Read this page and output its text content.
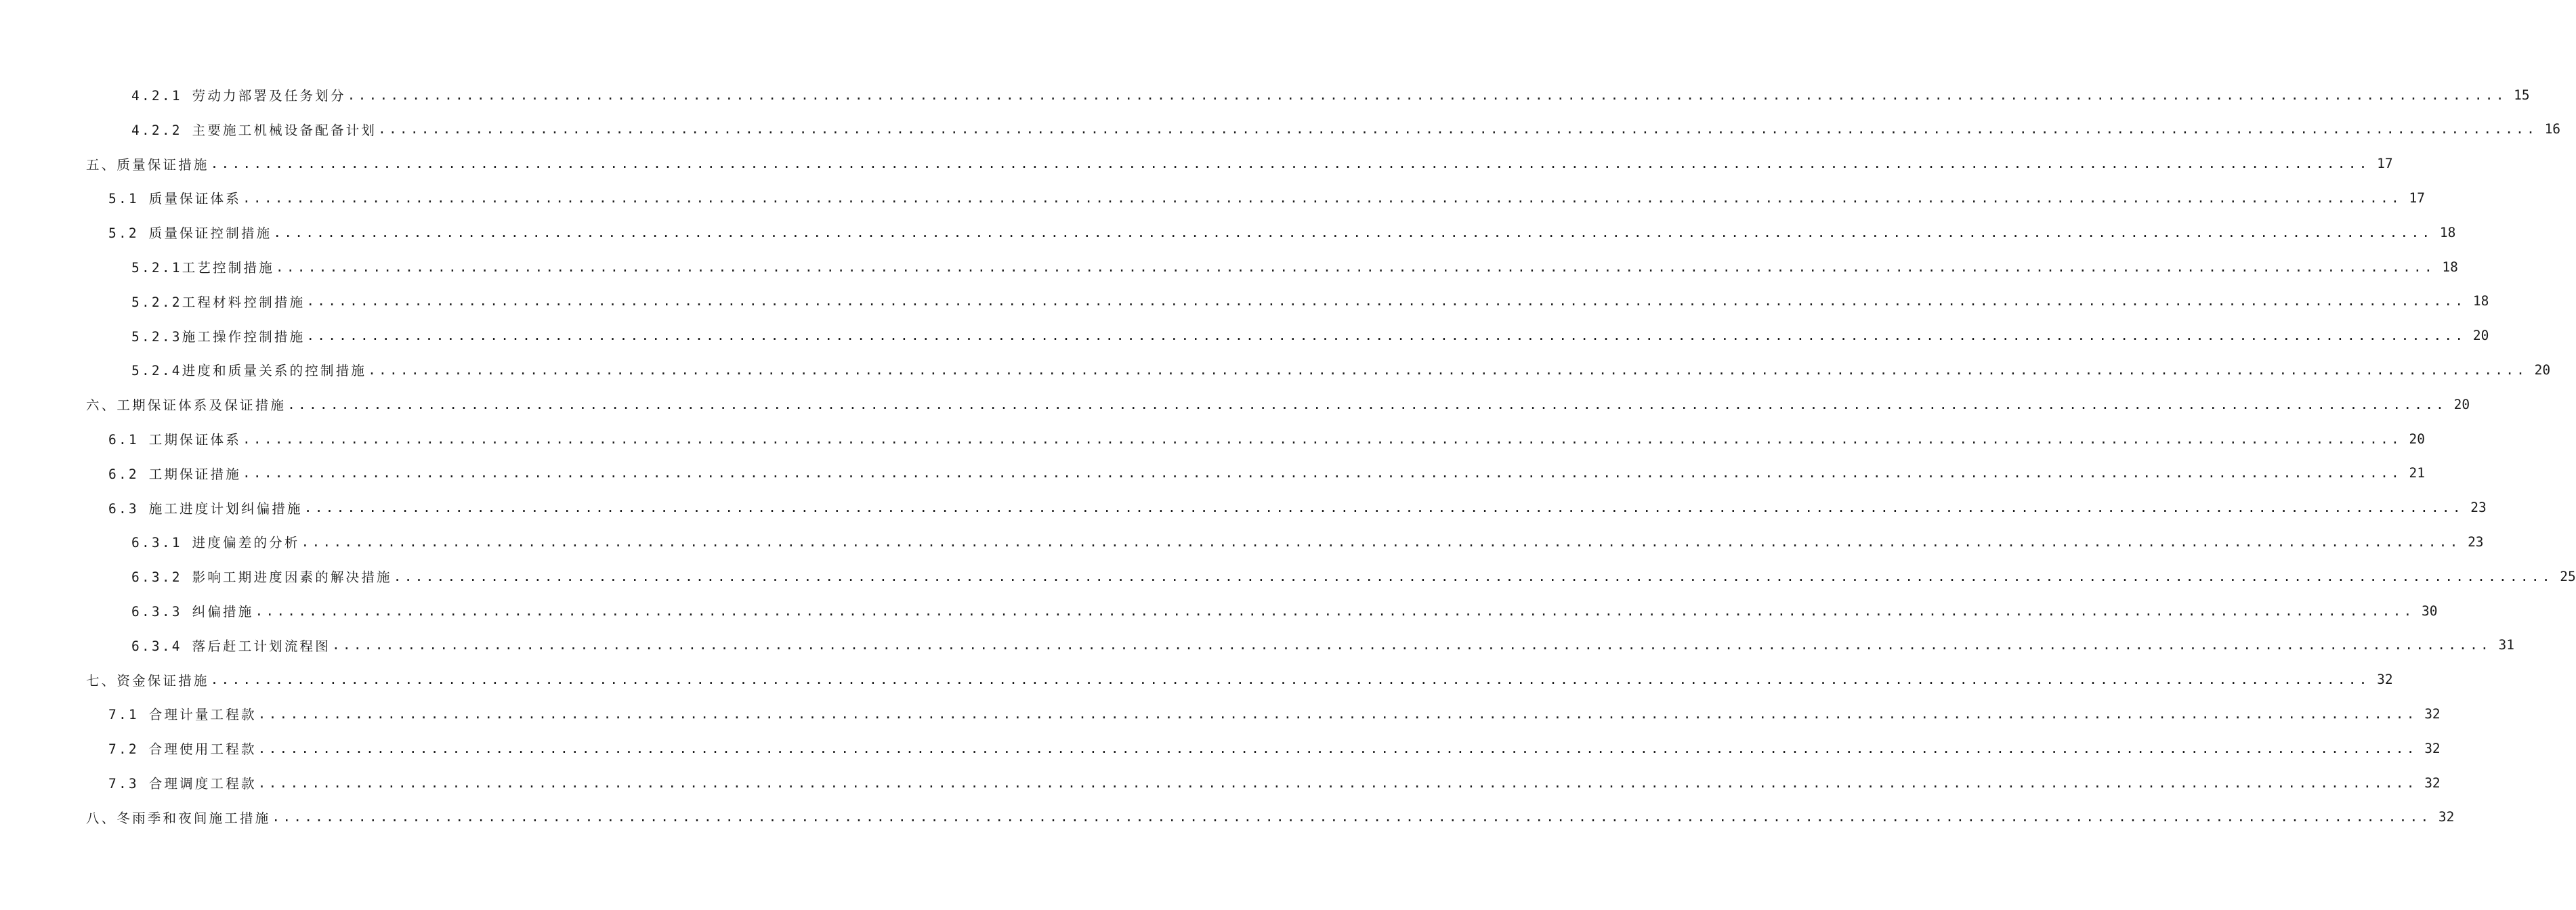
4.2.1 劳动力部署及任务划分 ........................................................................................................................................................................................................ 15
4.2.2 主要施工机械设备配备计划 ........................................................................................................................................................................................................ 16
五、质量保证措施 ........................................................................................................................................................................................................ 17
5.1 质量保证体系 ........................................................................................................................................................................................................ 17
5.2 质量保证控制措施 ........................................................................................................................................................................................................ 18
5.2.1工艺控制措施 ........................................................................................................................................................................................................ 18
5.2.2工程材料控制措施 ........................................................................................................................................................................................................ 18
5.2.3施工操作控制措施 ........................................................................................................................................................................................................ 20
5.2.4进度和质量关系的控制措施 ........................................................................................................................................................................................................ 20
六、工期保证体系及保证措施 ........................................................................................................................................................................................................ 20
6.1 工期保证体系 ........................................................................................................................................................................................................ 20
6.2 工期保证措施 ........................................................................................................................................................................................................ 21
6.3 施工进度计划纠偏措施 ........................................................................................................................................................................................................ 23
6.3.1 进度偏差的分析 ........................................................................................................................................................................................................ 23
6.3.2 影响工期进度因素的解决措施 ........................................................................................................................................................................................................ 25
6.3.3 纠偏措施 ........................................................................................................................................................................................................ 30
6.3.4 落后赶工计划流程图 ........................................................................................................................................................................................................ 31
七、资金保证措施 ........................................................................................................................................................................................................ 32
7.1 合理计量工程款 ........................................................................................................................................................................................................ 32
7.2 合理使用工程款 ........................................................................................................................................................................................................ 32
7.3 合理调度工程款 ........................................................................................................................................................................................................ 32
八、冬雨季和夜间施工措施 ........................................................................................................................................................................................................ 32
